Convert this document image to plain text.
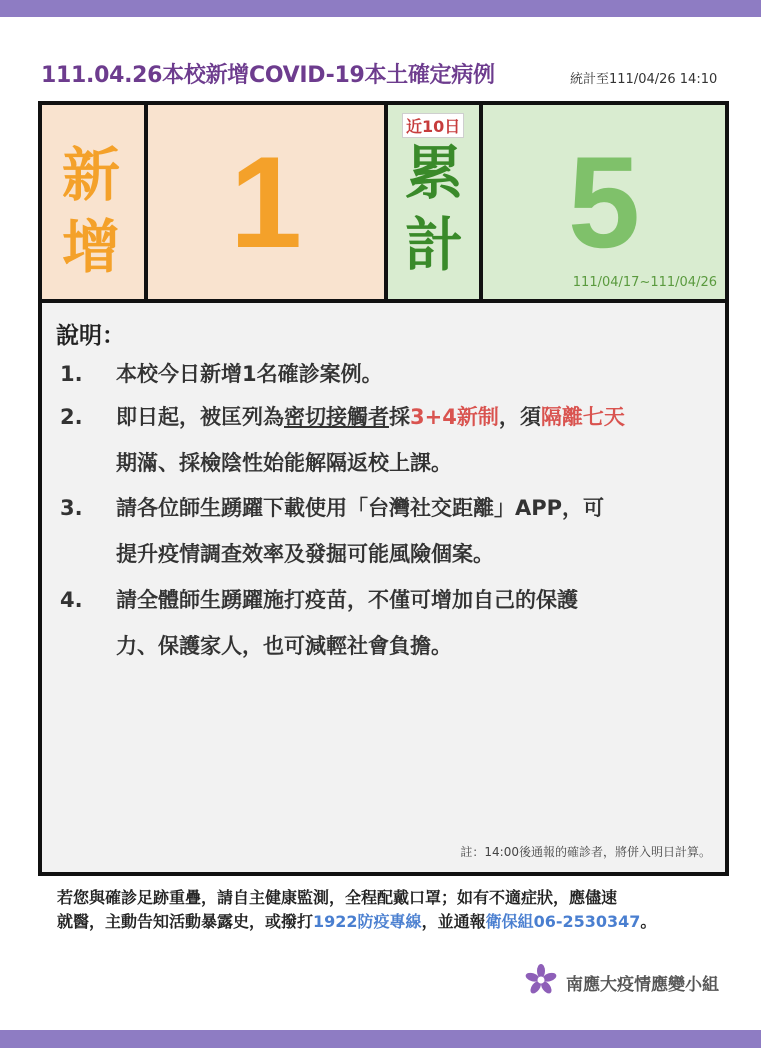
111.04.26本校新增COVID-19本土確定病例	統計至111/04/26 14:10
新增 1
近10日
累計 5
111/04/17~111/04/26
說明：
1.	本校今日新增1名確診案例。
2.	即日起，被匡列為密切接觸者採3+4新制，須隔離七天
期滿、採檢陰性始能解隔返校上課。
3.	請各位師生踴躍下載使用「台灣社交距離」APP，可
提升疫情調查效率及發掘可能風險個案。
4.	請全體師生踴躍施打疫苗，不僅可增加自己的保護
力、保護家人，也可減輕社會負擔。
註：14:00後通報的確診者，將併入明日計算。
若您與確診足跡重疊，請自主健康監測，全程配戴口罩；如有不適症狀，應儘速
就醫，主動告知活動暴露史，或撥打1922防疫專線，並通報衛保組06-2530347。
南應大疫情應變小組
